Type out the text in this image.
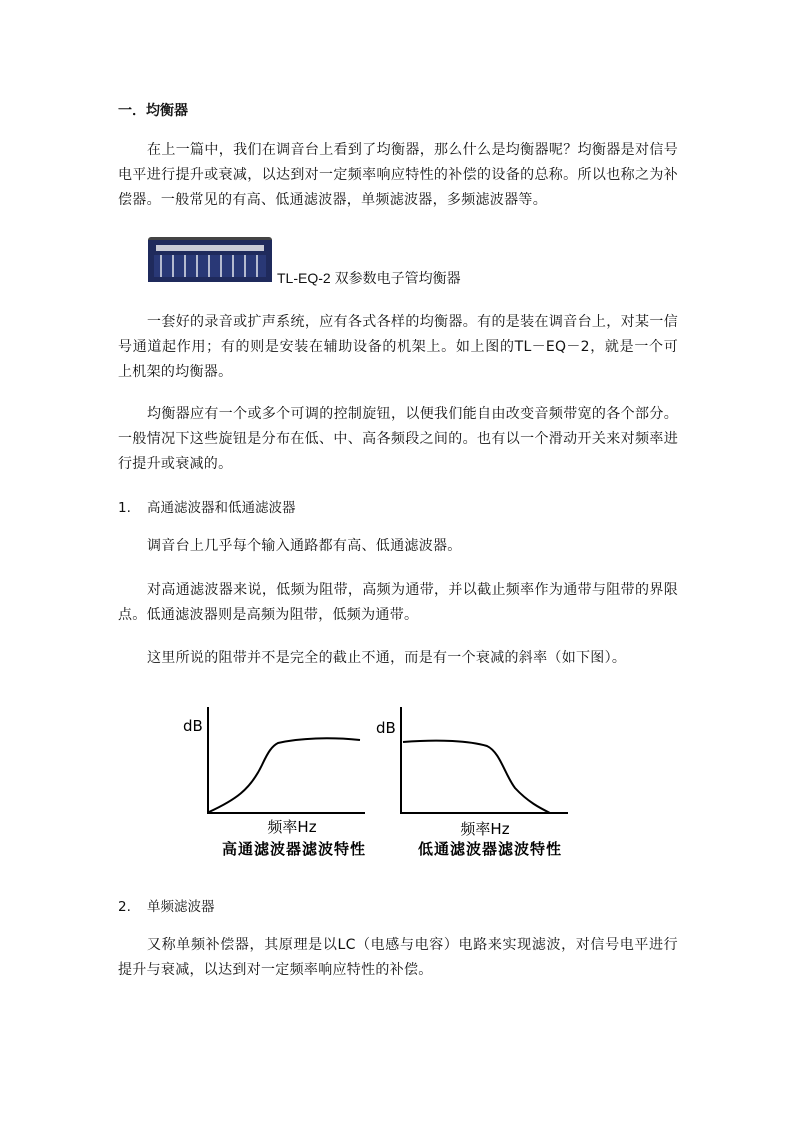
一．均衡器
在上一篇中，我们在调音台上看到了均衡器，那么什么是均衡器呢？均衡器是对信号电平进行提升或衰减，以达到对一定频率响应特性的补偿的设备的总称。所以也称之为补偿器。一般常见的有高、低通滤波器，单频滤波器，多频滤波器等。
TL-EQ-2 双参数电子管均衡器
一套好的录音或扩声系统，应有各式各样的均衡器。有的是装在调音台上，对某一信号通道起作用；有的则是安装在辅助设备的机架上。如上图的TL－EQ－2，就是一个可上机架的均衡器。
均衡器应有一个或多个可调的控制旋钮，以便我们能自由改变音频带宽的各个部分。一般情况下这些旋钮是分布在低、中、高各频段之间的。也有以一个滑动开关来对频率进行提升或衰减的。
1. 高通滤波器和低通滤波器
调音台上几乎每个输入通路都有高、低通滤波器。
对高通滤波器来说，低频为阻带，高频为通带，并以截止频率作为通带与阻带的界限点。低通滤波器则是高频为阻带，低频为通带。
这里所说的阻带并不是完全的截止不通，而是有一个衰减的斜率（如下图）。
dB
频率Hz
高通滤波器滤波特性
dB
频率Hz
低通滤波器滤波特性
2. 单频滤波器
又称单频补偿器，其原理是以LC（电感与电容）电路来实现滤波，对信号电平进行提升与衰减，以达到对一定频率响应特性的补偿。
